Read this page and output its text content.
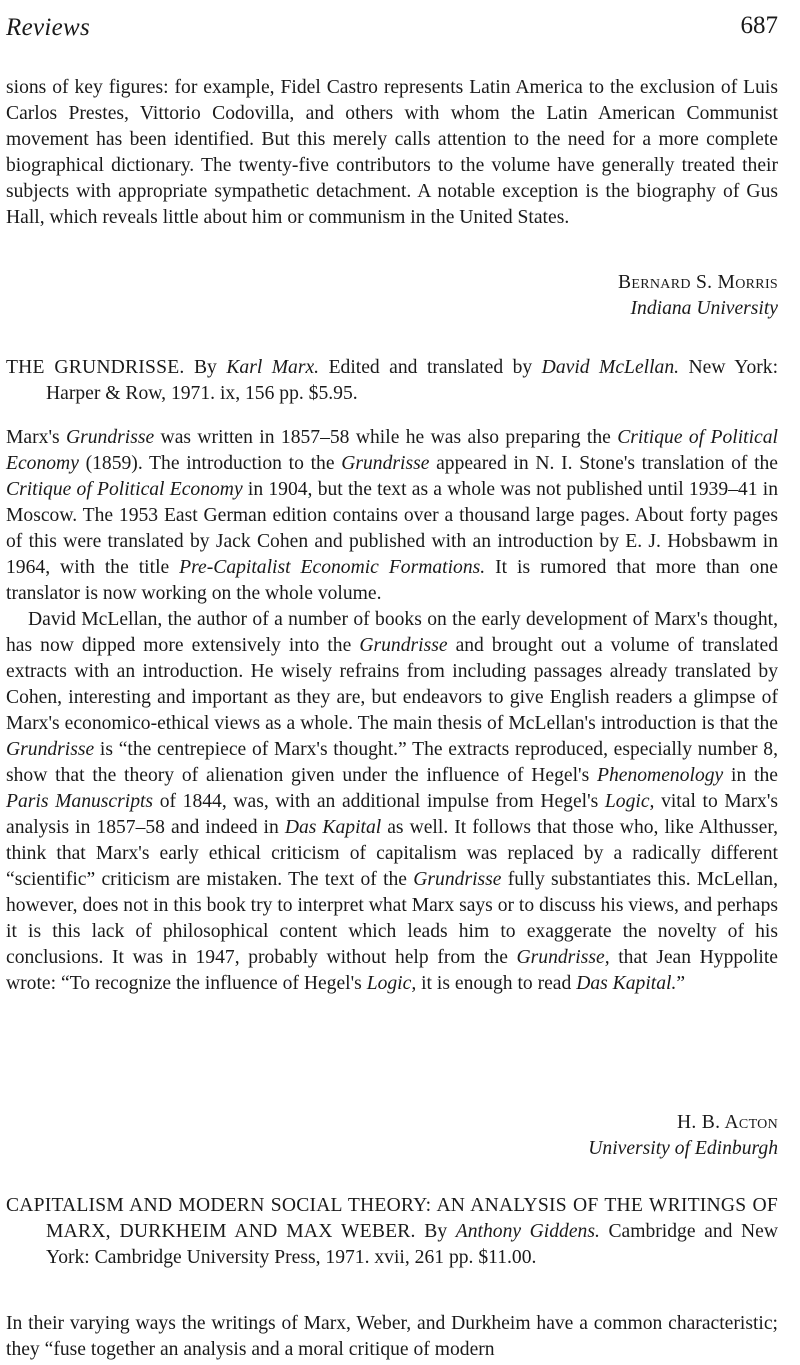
Reviews	687

sions of key figures: for example, Fidel Castro represents Latin America to the exclusion of Luis Carlos Prestes, Vittorio Codovilla, and others with whom the Latin American Communist movement has been identified. But this merely calls attention to the need for a more complete biographical dictionary. The twenty-five contributors to the volume have generally treated their subjects with appropriate sympathetic detachment. A notable exception is the biography of Gus Hall, which reveals little about him or communism in the United States.

Bernard S. Morris
Indiana University
THE GRUNDRISSE. By Karl Marx. Edited and translated by David McLellan. New York: Harper & Row, 1971. ix, 156 pp. $5.95.

Marx's Grundrisse was written in 1857–58 while he was also preparing the Critique of Political Economy (1859). The introduction to the Grundrisse appeared in N. I. Stone's translation of the Critique of Political Economy in 1904, but the text as a whole was not published until 1939–41 in Moscow. The 1953 East German edition contains over a thousand large pages. About forty pages of this were translated by Jack Cohen and published with an introduction by E. J. Hobsbawm in 1964, with the title Pre-Capitalist Economic Formations. It is rumored that more than one translator is now working on the whole volume.

David McLellan, the author of a number of books on the early development of Marx's thought, has now dipped more extensively into the Grundrisse and brought out a volume of translated extracts with an introduction. He wisely refrains from including passages already translated by Cohen, interesting and important as they are, but endeavors to give English readers a glimpse of Marx's economico-ethical views as a whole. The main thesis of McLellan's introduction is that the Grundrisse is “the centrepiece of Marx's thought.” The extracts reproduced, especially number 8, show that the theory of alienation given under the influence of Hegel's Phenomenology in the Paris Manuscripts of 1844, was, with an additional impulse from Hegel's Logic, vital to Marx's analysis in 1857–58 and indeed in Das Kapital as well. It follows that those who, like Althusser, think that Marx's early ethical criticism of capitalism was replaced by a radically different “scientific” criticism are mistaken. The text of the Grundrisse fully substantiates this. McLellan, however, does not in this book try to interpret what Marx says or to discuss his views, and perhaps it is this lack of philosophical content which leads him to exaggerate the novelty of his conclusions. It was in 1947, probably without help from the Grundrisse, that Jean Hyppolite wrote: “To recognize the influence of Hegel's Logic, it is enough to read Das Kapital.”

H. B. Acton
University of Edinburgh
CAPITALISM AND MODERN SOCIAL THEORY: AN ANALYSIS OF THE WRITINGS OF MARX, DURKHEIM AND MAX WEBER. By Anthony Giddens. Cambridge and New York: Cambridge University Press, 1971. xvii, 261 pp. $11.00.

In their varying ways the writings of Marx, Weber, and Durkheim have a common characteristic; they “fuse together an analysis and a moral critique of modern
